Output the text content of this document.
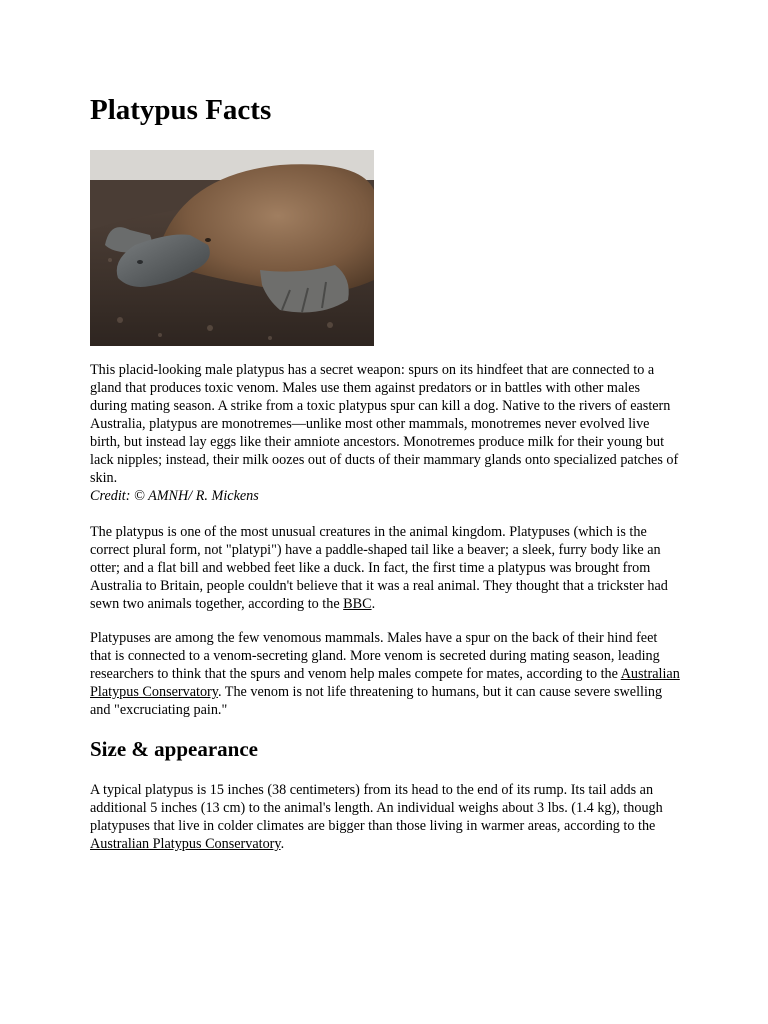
Platypus Facts

This placid-looking male platypus has a secret weapon: spurs on its hindfeet that are connected to a gland that produces toxic venom. Males use them against predators or in battles with other males during mating season. A strike from a toxic platypus spur can kill a dog. Native to the rivers of eastern Australia, platypus are monotremes—unlike most other mammals, monotremes never evolved live birth, but instead lay eggs like their amniote ancestors. Monotremes produce milk for their young but lack nipples; instead, their milk oozes out of ducts of their mammary glands onto specialized patches of skin.
Credit: © AMNH/ R. Mickens

The platypus is one of the most unusual creatures in the animal kingdom. Platypuses (which is the correct plural form, not "platypi") have a paddle-shaped tail like a beaver; a sleek, furry body like an otter; and a flat bill and webbed feet like a duck. In fact, the first time a platypus was brought from Australia to Britain, people couldn't believe that it was a real animal. They thought that a trickster had sewn two animals together, according to the BBC.

Platypuses are among the few venomous mammals. Males have a spur on the back of their hind feet that is connected to a venom-secreting gland. More venom is secreted during mating season, leading researchers to think that the spurs and venom help males compete for mates, according to the Australian Platypus Conservatory. The venom is not life threatening to humans, but it can cause severe swelling and "excruciating pain."

Size & appearance

A typical platypus is 15 inches (38 centimeters) from its head to the end of its rump. Its tail adds an additional 5 inches (13 cm) to the animal's length. An individual weighs about 3 lbs. (1.4 kg), though platypuses that live in colder climates are bigger than those living in warmer areas, according to the Australian Platypus Conservatory.
